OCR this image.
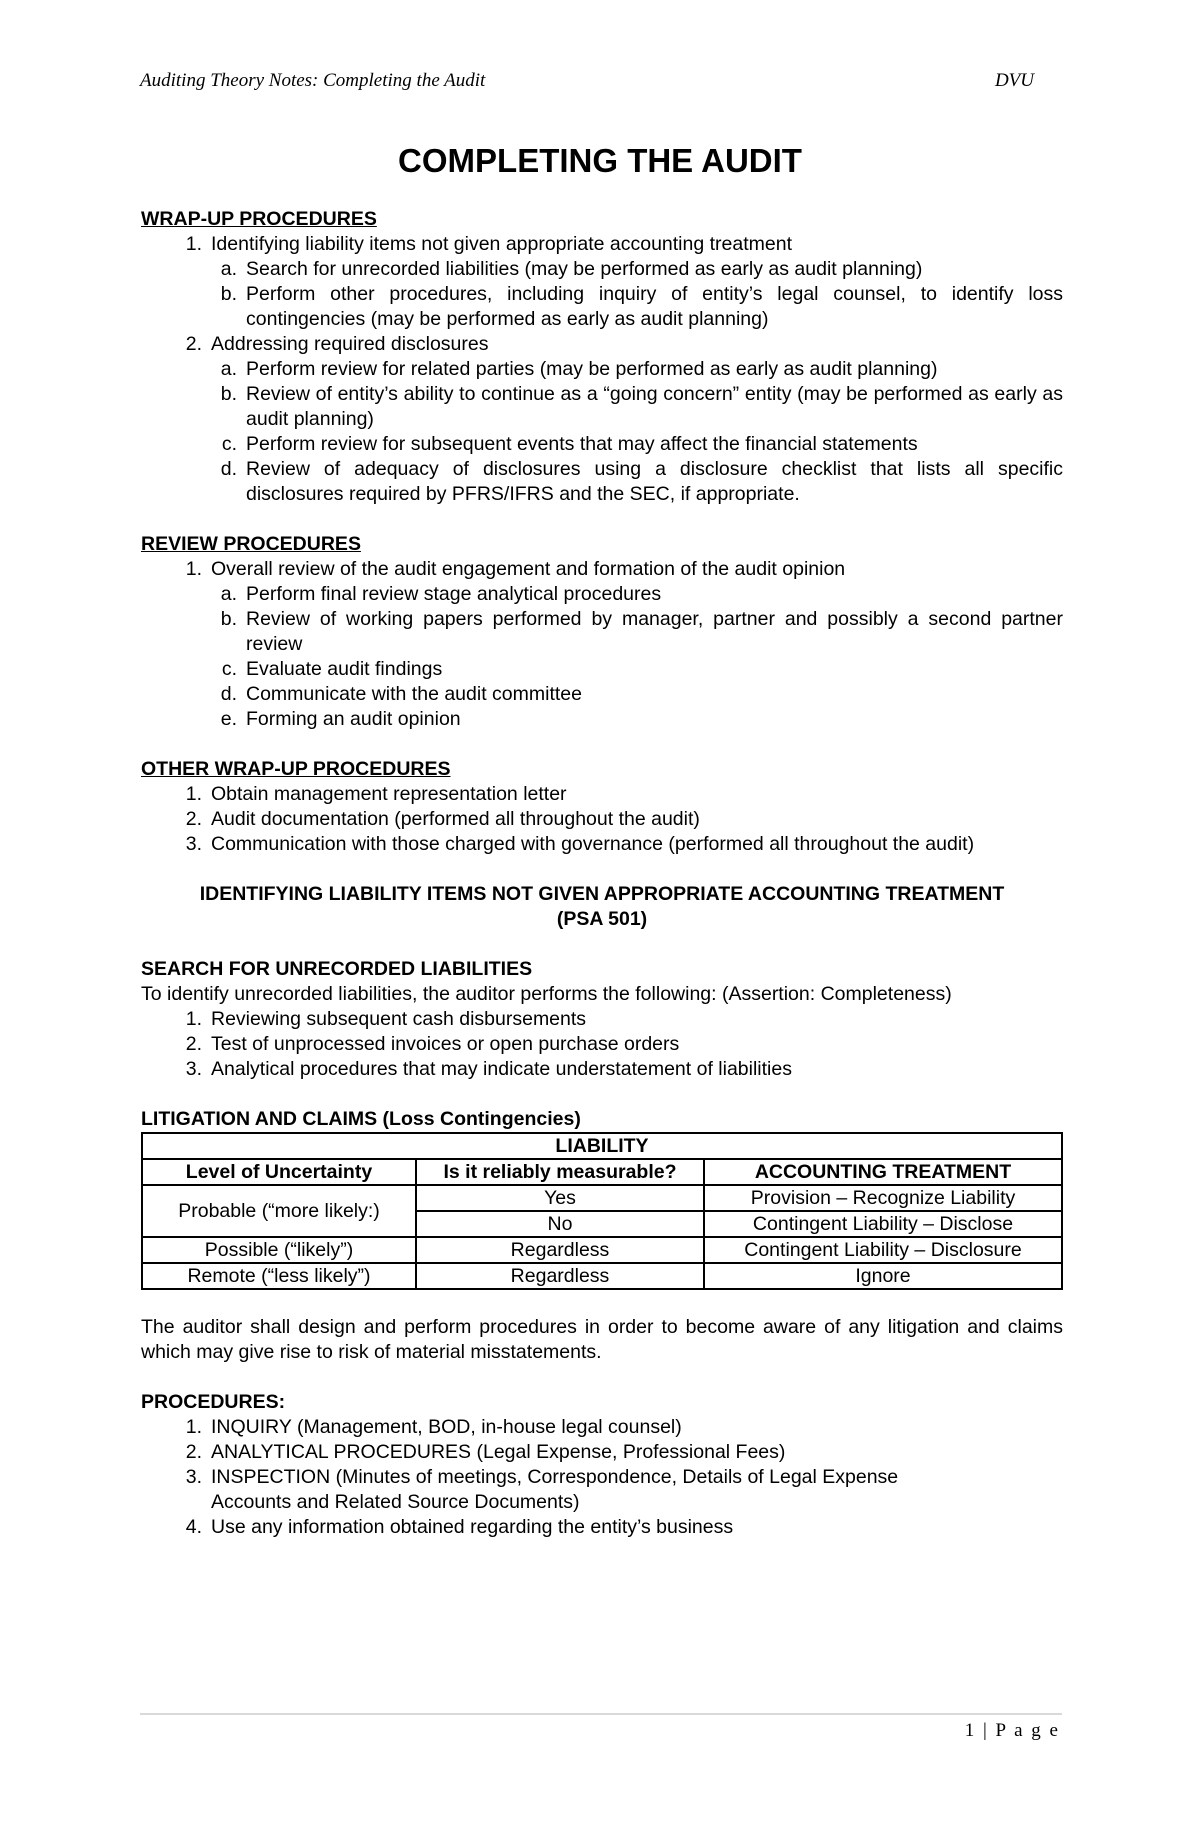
Auditing Theory Notes: Completing the Audit	DVU
COMPLETING THE AUDIT

WRAP-UP PROCEDURES

1. Identifying liability items not given appropriate accounting treatment
a. Search for unrecorded liabilities (may be performed as early as audit planning)
b. Perform other procedures, including inquiry of entity’s legal counsel, to identify loss contingencies (may be performed as early as audit planning)
2. Addressing required disclosures
a. Perform review for related parties (may be performed as early as audit planning)
b. Review of entity’s ability to continue as a “going concern” entity (may be performed as early as audit planning)
c. Perform review for subsequent events that may affect the financial statements
d. Review of adequacy of disclosures using a disclosure checklist that lists all specific disclosures required by PFRS/IFRS and the SEC, if appropriate.

REVIEW PROCEDURES

1. Overall review of the audit engagement and formation of the audit opinion
a. Perform final review stage analytical procedures
b. Review of working papers performed by manager, partner and possibly a second partner review
c. Evaluate audit findings
d. Communicate with the audit committee
e. Forming an audit opinion

OTHER WRAP-UP PROCEDURES

1. Obtain management representation letter
2. Audit documentation (performed all throughout the audit)
3. Communication with those charged with governance (performed all throughout the audit)

IDENTIFYING LIABILITY ITEMS NOT GIVEN APPROPRIATE ACCOUNTING TREATMENT

(PSA 501)

SEARCH FOR UNRECORDED LIABILITIES

To identify unrecorded liabilities, the auditor performs the following: (Assertion: Completeness)

1. Reviewing subsequent cash disbursements
2. Test of unprocessed invoices or open purchase orders
3. Analytical procedures that may indicate understatement of liabilities

LITIGATION AND CLAIMS (Loss Contingencies)

LIABILITY		
Level of Uncertainty	Is it reliably measurable?	ACCOUNTING TREATMENT
Probable (“more likely:)	Yes	Provision – Recognize Liability
	No	Contingent Liability – Disclose
Possible (“likely”)	Regardless	Contingent Liability – Disclosure
Remote (“less likely”)	Regardless	Ignore

The auditor shall design and perform procedures in order to become aware of any litigation and claims which may give rise to risk of material misstatements.

PROCEDURES:

1. INQUIRY (Management, BOD, in-house legal counsel)
2. ANALYTICAL PROCEDURES (Legal Expense, Professional Fees)
3. INSPECTION (Minutes of meetings, Correspondence, Details of Legal Expense Accounts and Related Source Documents)
4. Use any information obtained regarding the entity’s business
1 | P a g e
